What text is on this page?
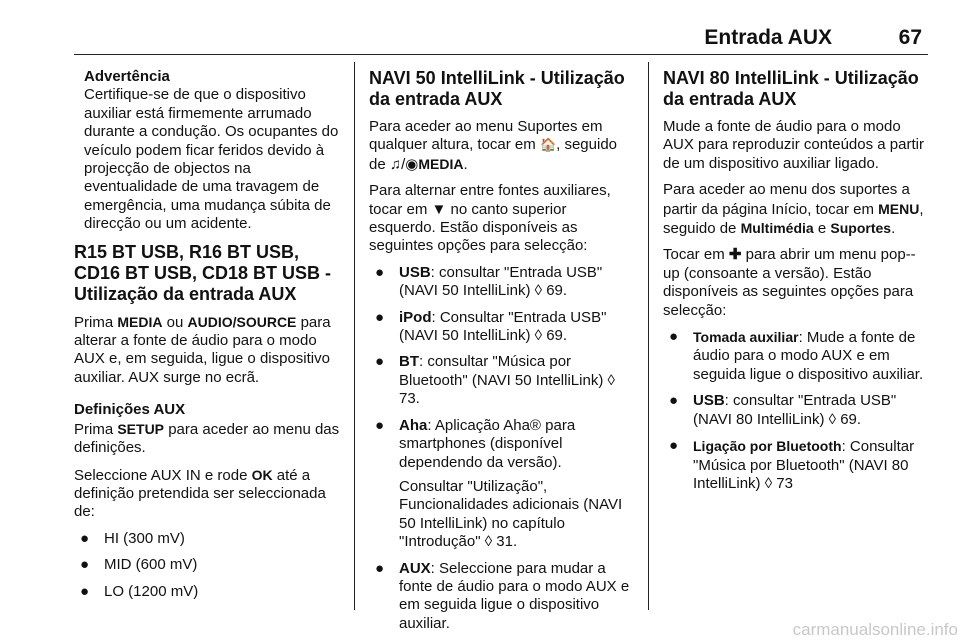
Entrada AUX	67
Advertência
Certifique-se de que o dispositivo auxiliar está firmemente arrumado durante a condução. Os ocupantes do veículo podem ficar feridos devido à projecção de objectos na eventualidade de uma travagem de emergência, uma mudança súbita de direcção ou um acidente.
R15 BT USB, R16 BT USB, CD16 BT USB, CD18 BT USB - Utilização da entrada AUX

Prima MEDIA ou AUDIO/SOURCE para alterar a fonte de áudio para o modo AUX e, em seguida, ligue o dispositivo auxiliar. AUX surge no ecrã.

Definições AUX

Prima SETUP para aceder ao menu das definições.

Seleccione AUX IN e rode OK até a definição pretendida ser seleccionada de:

● HI (300 mV)
● MID (600 mV)
● LO (1200 mV)
NAVI 50 IntelliLink - Utilização da entrada AUX

Para aceder ao menu Suportes em qualquer altura, tocar em 🏠, seguido de ♫/◉MEDIA.

Para alternar entre fontes auxiliares, tocar em ▼ no canto superior esquerdo. Estão disponíveis as seguintes opções para selecção:

● USB: consultar "Entrada USB" (NAVI 50 IntelliLink) ◊ 69.
● iPod: Consultar "Entrada USB" (NAVI 50 IntelliLink) ◊ 69.
● BT: consultar "Música por Bluetooth" (NAVI 50 IntelliLink) ◊ 73.
● Aha: Aplicação Aha® para smartphones (disponível dependendo da versão).

Consultar "Utilização", Funcionalidades adicionais (NAVI 50 IntelliLink) no capítulo "Introdução" ◊ 31.

● AUX: Seleccione para mudar a fonte de áudio para o modo AUX e em seguida ligue o dispositivo auxiliar.
NAVI 80 IntelliLink - Utilização da entrada AUX

Mude a fonte de áudio para o modo AUX para reproduzir conteúdos a partir de um dispositivo auxiliar ligado.

Para aceder ao menu dos suportes a partir da página Início, tocar em MENU, seguido de Multimédia e Suportes.

Tocar em ✚ para abrir um menu pop--up (consoante a versão). Estão disponíveis as seguintes opções para selecção:

● Tomada auxiliar: Mude a fonte de áudio para o modo AUX e em seguida ligue o dispositivo auxiliar.
● USB: consultar "Entrada USB" (NAVI 80 IntelliLink) ◊ 69.
● Ligação por Bluetooth: Consultar "Música por Bluetooth" (NAVI 80 IntelliLink) ◊ 73
carmanualsonline.info
